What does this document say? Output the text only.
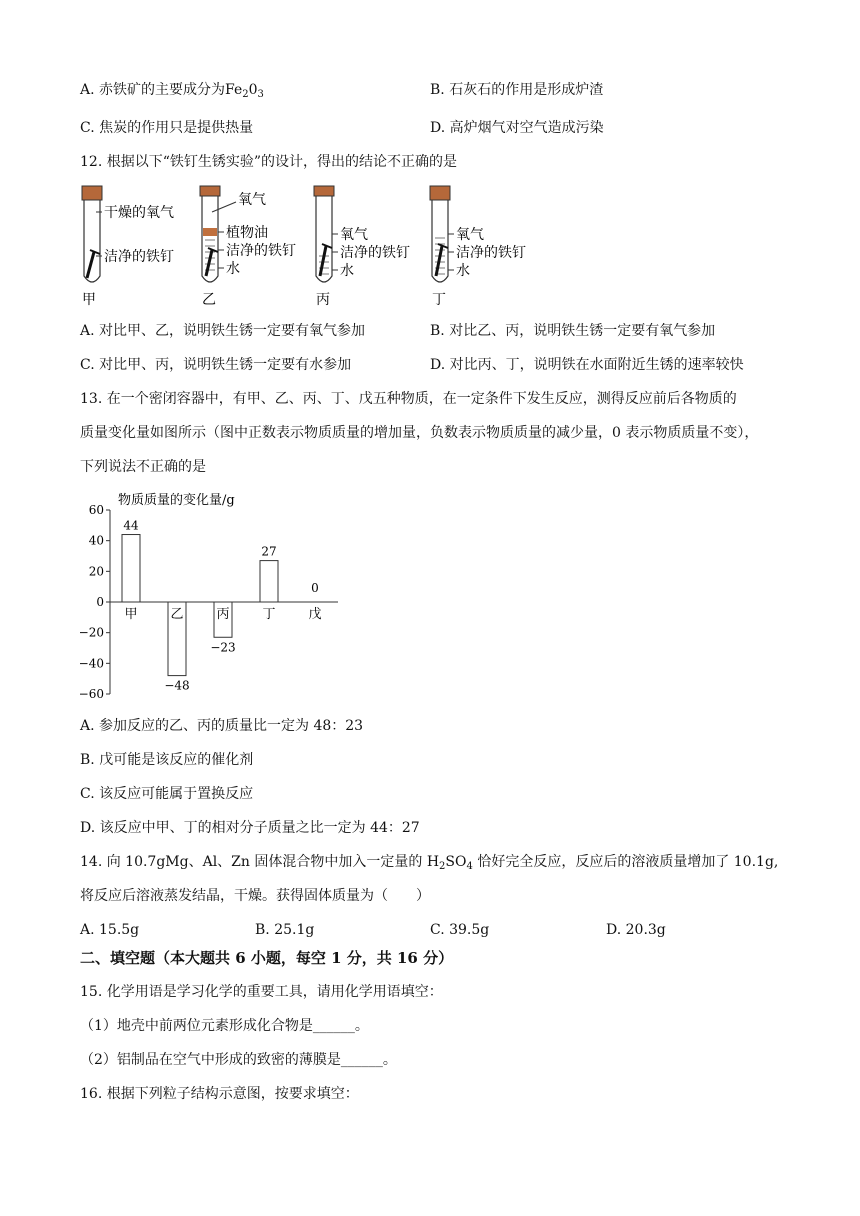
A. 赤铁矿的主要成分为$Fe_20_3$	B. 石灰石的作用是形成炉渣
C. 焦炭的作用只是提供热量	D. 高炉烟气对空气造成污染
12. 根据以下“铁钉生锈实验”的设计，得出的结论不正确的是
干燥的氧气
洁净的铁钉
甲
氧气
植物油
洁净的铁钉
水
乙
氧气
洁净的铁钉
水
丙
氧气
洁净的铁钉
水
丁
A. 对比甲、乙，说明铁生锈一定要有氧气参加	B. 对比乙、丙，说明铁生锈一定要有氧气参加
C. 对比甲、丙，说明铁生锈一定要有水参加	D. 对比丙、丁，说明铁在水面附近生锈的速率较快
13. 在一个密闭容器中，有甲、乙、丙、丁、戊五种物质，在一定条件下发生反应，测得反应前后各物质的
质量变化量如图所示（图中正数表示物质质量的增加量，负数表示物质质量的减少量，0 表示物质质量不变），
下列说法不正确的是
物质质量的变化量/g
60
40
20
0
−20
−40
−60
甲
44
乙
−48
丙
−23
丁
27
戊
0
A. 参加反应的乙、丙的质量比一定为 48：23
B. 戊可能是该反应的催化剂
C. 该反应可能属于置换反应
D. 该反应中甲、丁的相对分子质量之比一定为 44：27
14. 向 10.7gMg、Al、Zn 固体混合物中加入一定量的 $H_2SO_4$ 恰好完全反应，反应后的溶液质量增加了 10.1g,
将反应后溶液蒸发结晶，干燥。获得固体质量为（　　）
A. 15.5g	B. 25.1g	C. 39.5g	D. 20.3g
二、填空题（本大题共 6 小题，每空 1 分，共 16 分）
15. 化学用语是学习化学的重要工具，请用化学用语填空：
（1）地壳中前两位元素形成化合物是______。
（2）铝制品在空气中形成的致密的薄膜是______。
16. 根据下列粒子结构示意图，按要求填空：
